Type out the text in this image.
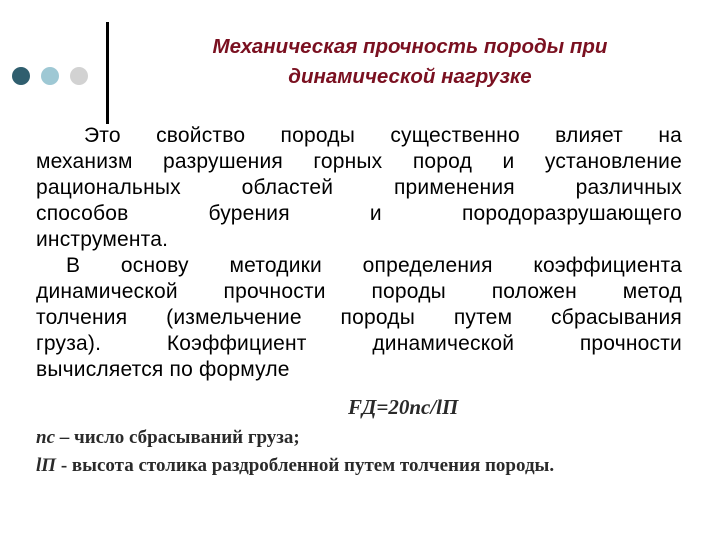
Механическая прочность породы при
динамической нагрузке

Это свойство породы существенно влияет на

механизм разрушения горных пород и установление

рациональных областей применения различных

способов бурения и породоразрушающего

инструмента.

В основу методики определения коэффициента

динамической прочности породы положен метод

толчения (измельчение породы путем сбрасывания

груза). Коэффициент динамической прочности

вычисляется по формуле

FД=20nс/lП
nс – число сбрасываний груза;
lП - высота столика раздробленной путем толчения породы.
